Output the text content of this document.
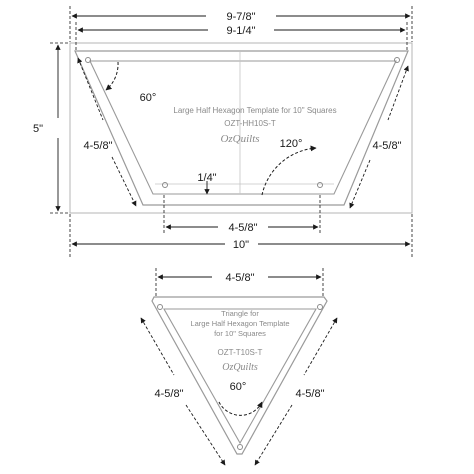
60°
120°
Large Half Hexagon Template for 10" Squares
OZT-HH10S-T
OzQuilts
9-7/8"
9-1/4"
5"
4-5/8"	4-5/8"
1/4"
4-5/8"
10"
Triangle for
Large Half Hexagon Template
for 10" Squares
OZT-T10S-T
OzQuilts
60°
4-5/8"
4-5/8"	4-5/8"
